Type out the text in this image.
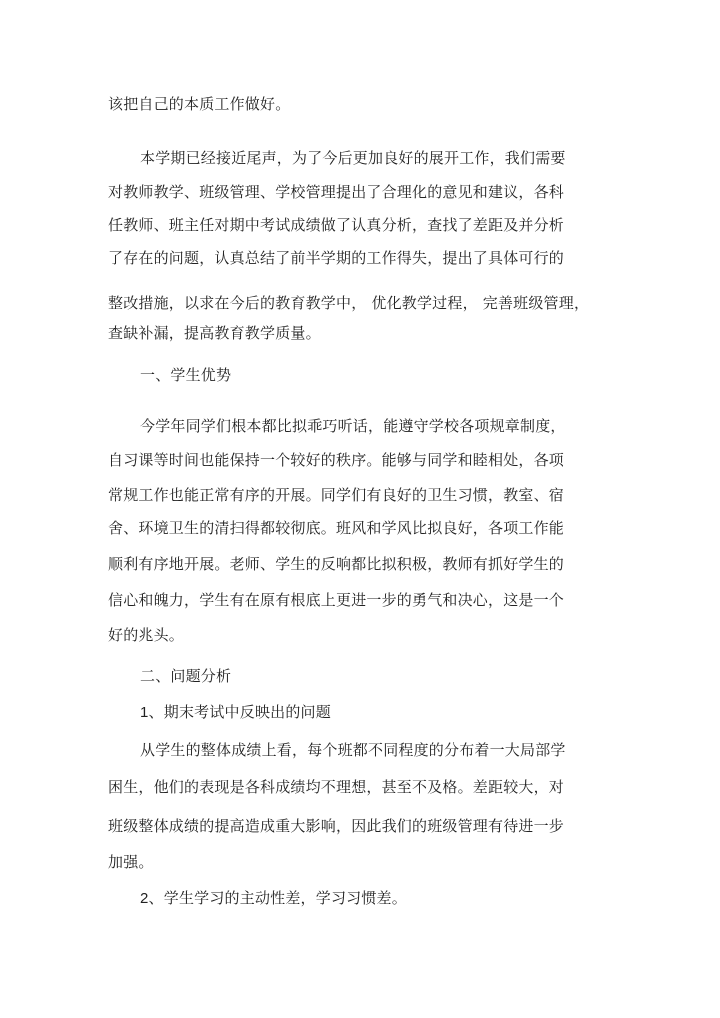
该把自己的本质工作做好。
本学期已经接近尾声，为了今后更加良好的展开工作，我们需要
对教师教学、班级管理、学校管理提出了合理化的意见和建议，各科
任教师、班主任对期中考试成绩做了认真分析，查找了差距及并分析
了存在的问题，认真总结了前半学期的工作得失，提出了具体可行的
整改措施，以求在今后的教育教学中， 优化教学过程， 完善班级管理，
查缺补漏，提高教育教学质量。
一、学生优势
今学年同学们根本都比拟乖巧听话，能遵守学校各项规章制度，
自习课等时间也能保持一个较好的秩序。能够与同学和睦相处，各项
常规工作也能正常有序的开展。同学们有良好的卫生习惯，教室、宿
舍、环境卫生的清扫得都较彻底。班风和学风比拟良好，各项工作能
顺利有序地开展。老师、学生的反响都比拟积极，教师有抓好学生的
信心和魄力，学生有在原有根底上更进一步的勇气和决心，这是一个
好的兆头。
二、问题分析
1、期末考试中反映出的问题
从学生的整体成绩上看，每个班都不同程度的分布着一大局部学
困生，他们的表现是各科成绩均不理想，甚至不及格。差距较大，对
班级整体成绩的提高造成重大影响，因此我们的班级管理有待进一步
加强。
2、学生学习的主动性差，学习习惯差。
